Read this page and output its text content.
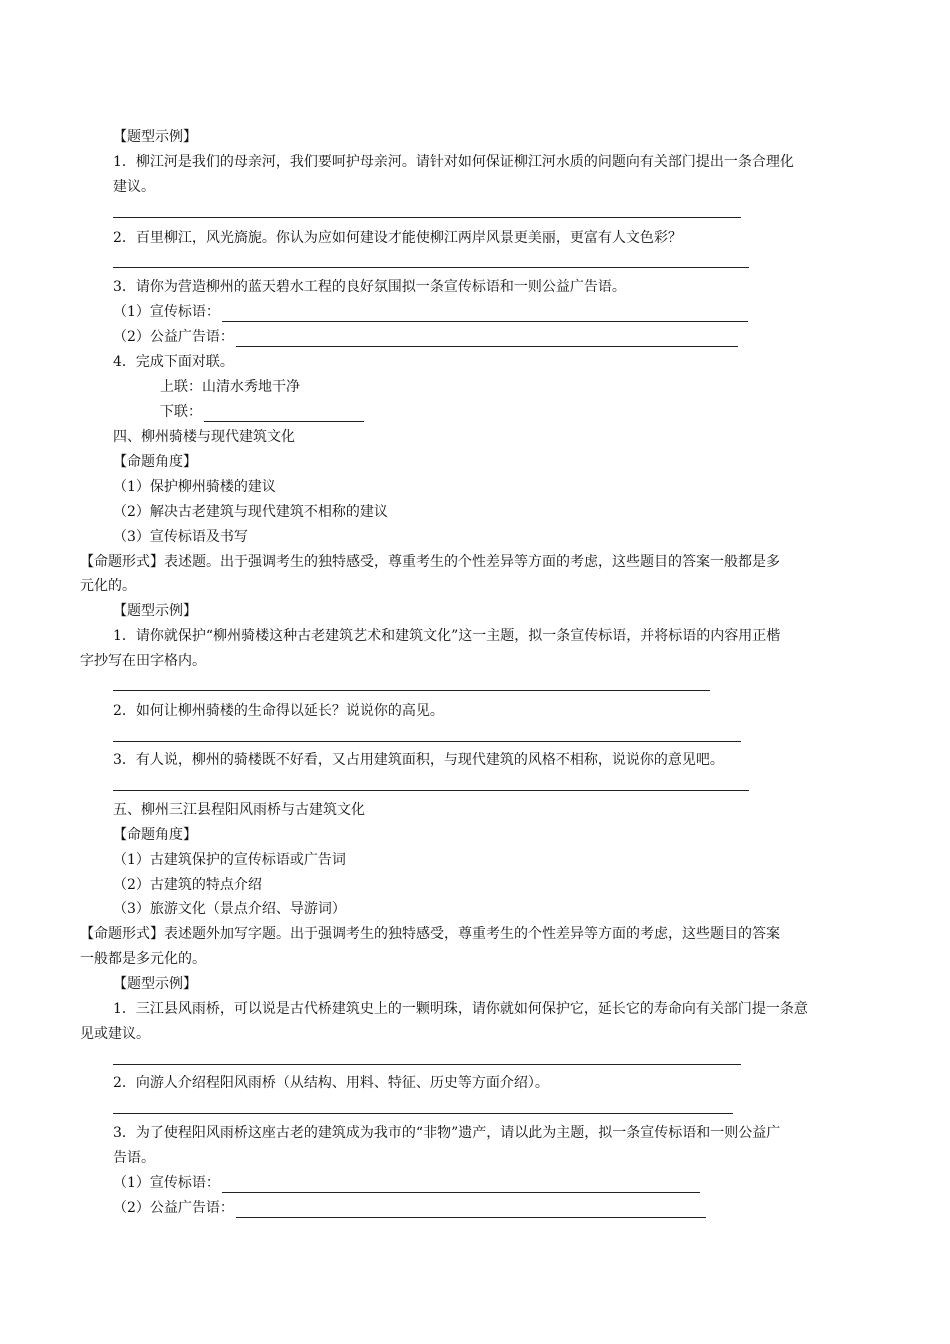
【题型示例】
1．柳江河是我们的母亲河，我们要呵护母亲河。请针对如何保证柳江河水质的问题向有关部门提出一条合理化
建议。
2．百里柳江，风光旖旎。你认为应如何建设才能使柳江两岸风景更美丽，更富有人文色彩？
3．请你为营造柳州的蓝天碧水工程的良好氛围拟一条宣传标语和一则公益广告语。
（1）宣传标语：
（2）公益广告语：
4．完成下面对联。
上联：山清水秀地干净
下联：
四、柳州骑楼与现代建筑文化
【命题角度】
（1）保护柳州骑楼的建议
（2）解决古老建筑与现代建筑不相称的建议
（3）宣传标语及书写
【命题形式】表述题。出于强调考生的独特感受，尊重考生的个性差异等方面的考虑，这些题目的答案一般都是多
元化的。
【题型示例】
1．请你就保护“柳州骑楼这种古老建筑艺术和建筑文化”这一主题，拟一条宣传标语，并将标语的内容用正楷
字抄写在田字格内。
2．如何让柳州骑楼的生命得以延长？说说你的高见。
3．有人说，柳州的骑楼既不好看，又占用建筑面积，与现代建筑的风格不相称，说说你的意见吧。
五、柳州三江县程阳风雨桥与古建筑文化
【命题角度】
（1）古建筑保护的宣传标语或广告词
（2）古建筑的特点介绍
（3）旅游文化（景点介绍、导游词）
【命题形式】表述题外加写字题。出于强调考生的独特感受，尊重考生的个性差异等方面的考虑，这些题目的答案
一般都是多元化的。
【题型示例】
1．三江县风雨桥，可以说是古代桥建筑史上的一颗明珠，请你就如何保护它，延长它的寿命向有关部门提一条意
见或建议。
2．向游人介绍程阳风雨桥（从结构、用料、特征、历史等方面介绍）。
3．为了使程阳风雨桥这座古老的建筑成为我市的“非物”遗产，请以此为主题，拟一条宣传标语和一则公益广
告语。
（1）宣传标语：
（2）公益广告语：
